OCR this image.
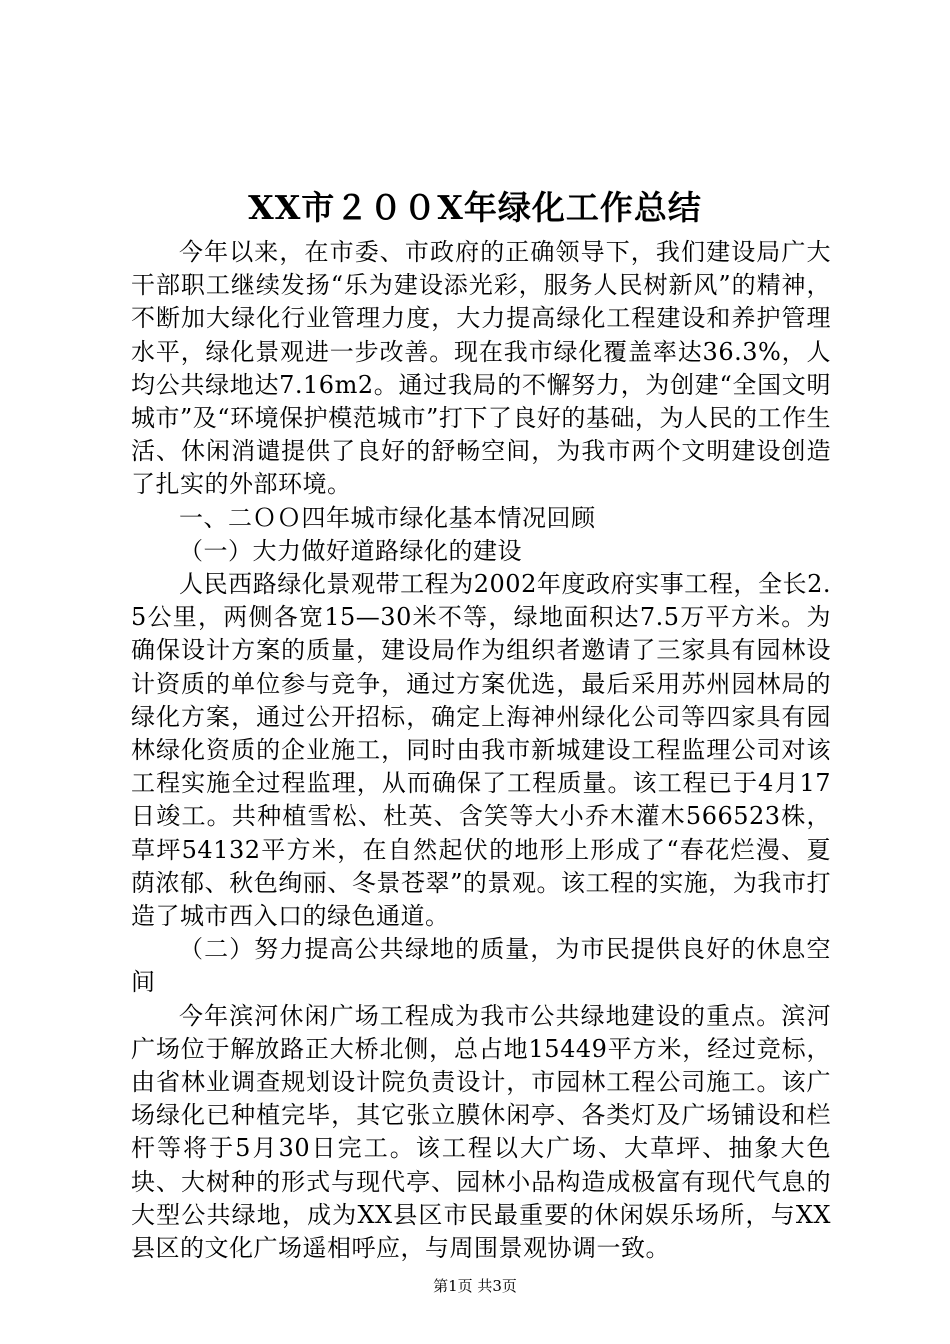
XX市２００X年绿化工作总结

今年以来，在市委、市政府的正确领导下，我们建设局广大干部职工继续发扬“乐为建设添光彩，服务人民树新风”的精神，不断加大绿化行业管理力度，大力提高绿化工程建设和养护管理水平，绿化景观进一步改善。现在我市绿化覆盖率达36.3%，人均公共绿地达7.16m2。通过我局的不懈努力，为创建“全国文明城市”及“环境保护模范城市”打下了良好的基础，为人民的工作生活、休闲消谴提供了良好的舒畅空间，为我市两个文明建设创造了扎实的外部环境。

一、二ＯＯ四年城市绿化基本情况回顾

（一）大力做好道路绿化的建设

人民西路绿化景观带工程为2002年度政府实事工程，全长2.5公里，两侧各宽15—30米不等，绿地面积达7.5万平方米。为确保设计方案的质量，建设局作为组织者邀请了三家具有园林设计资质的单位参与竞争，通过方案优选，最后采用苏州园林局的绿化方案，通过公开招标，确定上海神州绿化公司等四家具有园林绿化资质的企业施工，同时由我市新城建设工程监理公司对该工程实施全过程监理，从而确保了工程质量。该工程已于4月17日竣工。共种植雪松、杜英、含笑等大小乔木灌木566523株，草坪54132平方米，在自然起伏的地形上形成了“春花烂漫、夏荫浓郁、秋色绚丽、冬景苍翠”的景观。该工程的实施，为我市打造了城市西入口的绿色通道。

（二）努力提高公共绿地的质量，为市民提供良好的休息空间

今年滨河休闲广场工程成为我市公共绿地建设的重点。滨河广场位于解放路正大桥北侧，总占地15449平方米，经过竞标，由省林业调查规划设计院负责设计，市园林工程公司施工。该广场绿化已种植完毕，其它张立膜休闲亭、各类灯及广场铺设和栏杆等将于5月30日完工。该工程以大广场、大草坪、抽象大色块、大树种的形式与现代亭、园林小品构造成极富有现代气息的大型公共绿地，成为XX县区市民最重要的休闲娱乐场所，与XX县区的文化广场遥相呼应，与周围景观协调一致。

第1页 共3页
